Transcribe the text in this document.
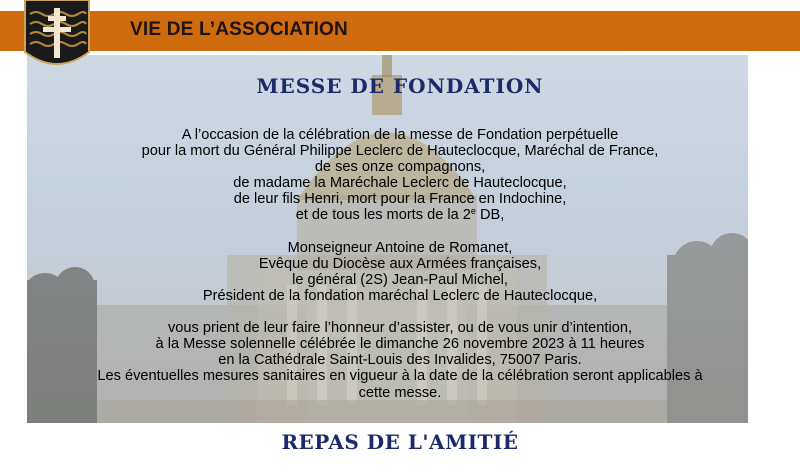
VIE DE L’ASSOCIATION
MESSE DE FONDATION
A l’occasion de la célébration de la messe de Fondation perpétuelle
pour la mort du Général Philippe Leclerc de Hauteclocque, Maréchal de France,
de ses onze compagnons,
de madame la Maréchale Leclerc de Hauteclocque,
de leur fils Henri, mort pour la France en Indochine,
et de tous les morts de la 2e DB,
Monseigneur Antoine de Romanet,
Evêque du Diocèse aux Armées françaises,
le général (2S) Jean-Paul Michel,
Président de la fondation maréchal Leclerc de Hauteclocque,
vous prient de leur faire l’honneur d’assister, ou de vous unir d’intention,
à la Messe solennelle célébrée le dimanche 26 novembre 2023 à 11 heures
en la Cathédrale Saint-Louis des Invalides, 75007 Paris.
Les éventuelles mesures sanitaires en vigueur à la date de la célébration seront applicables à
cette messe.
REPAS DE L'AMITIÉ
